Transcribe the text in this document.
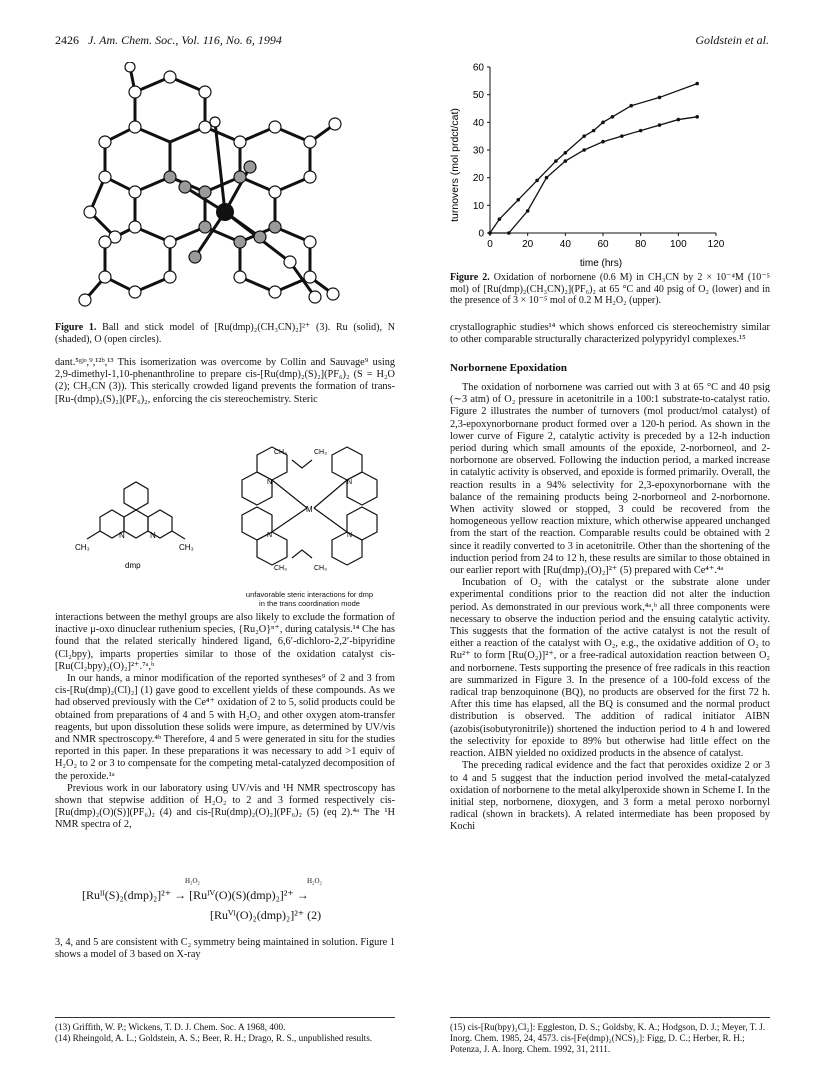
2426 J. Am. Chem. Soc., Vol. 116, No. 6, 1994	Goldstein et al.
Figure 1. Ball and stick model of [Ru(dmp)₂(CH₃CN)₂]²⁺ (3). Ru (solid), N (shaded), O (open circles).

dant.⁵ᵍʲᵒ,⁹,¹²ᵇ,¹³ This isomerization was overcome by Collin and Sauvage⁹ using 2,9-dimethyl-1,10-phenanthroline to prepare cis-[Ru(dmp)₂(S)₂](PF₆)₂ (S = H₂O (2); CH₃CN (3)). This sterically crowded ligand prevents the formation of trans-[Ru-(dmp)₂(S)₂](PF₆)₂, enforcing the cis stereochemistry. Steric

N	N
CH₃	CH₃
dmp
M
N
N
N
N
CH₃	CH₃
CH₃	CH₃
unfavorable steric interactions for dmp
in the trans coordination mode

interactions between the methyl groups are also likely to exclude the formation of inactive μ-oxo dinuclear ruthenium species, {Ru₂O}ⁿ⁺, during catalysis.¹⁴ Che has found that the related sterically hindered ligand, 6,6′-dichloro-2,2′-bipyridine (Cl₂bpy), imparts properties similar to those of the oxidation catalyst cis-[Ru(Cl₂bpy)₂(O)₂]²⁺.⁷ᵃ,ᵇ

In our hands, a minor modification of the reported syntheses⁹ of 2 and 3 from cis-[Ru(dmp)₂(Cl)₂] (1) gave good to excellent yields of these compounds. As we had observed previously with the Ce⁴⁺ oxidation of 2 to 5, solid products could be obtained from preparations of 4 and 5 with H₂O₂ and other oxygen atom-transfer reagents, but upon dissolution these solids were impure, as determined by UV/vis and NMR spectroscopy.⁴ᵇ Therefore, 4 and 5 were generated in situ for the studies reported in this paper. In these preparations it was necessary to add >1 equiv of H₂O₂ to 2 or 3 to compensate for the competing metal-catalyzed decomposition of the peroxide.¹ᵃ

Previous work in our laboratory using UV/vis and ¹H NMR spectroscopy has shown that stepwise addition of H₂O₂ to 2 and 3 formed respectively cis-[Ru(dmp)₂(O)(S)](PF₆)₂ (4) and cis-[Ru(dmp)₂(O)₂](PF₆)₂ (5) (eq 2).⁴ᵃ The ¹H NMR spectra of 2,

H₂O₂	H₂O₂
[Ruᴵᴵ(S)₂(dmp)₂]²⁺ → [Ruᴵⱽ(O)(S)(dmp)₂]²⁺ →
[Ruⱽᴵ(O)₂(dmp)₂]²⁺ (2)

3, 4, and 5 are consistent with C₂ symmetry being maintained in solution. Figure 1 shows a model of 3 based on X-ray

(13) Griffith, W. P.; Wickens, T. D. J. Chem. Soc. A 1968, 400.
(14) Rheingold, A. L.; Goldstein, A. S.; Beer, R. H.; Drago, R. S., unpublished results.
0
10
20
30
40
50
60
0	20	40	60	80 100 120
turnovers (mol prdct/cat)
time (hrs)
Figure 2. Oxidation of norbornene (0.6 M) in CH₃CN by 2 × 10⁻⁴M (10⁻⁵ mol) of [Ru(dmp)₂(CH₃CN)₂](PF₆)₂ at 65 °C and 40 psig of O₂ (lower) and in the presence of 3 × 10⁻⁵ mol of 0.2 M H₂O₂ (upper).

crystallographic studies¹⁴ which shows enforced cis stereochemistry similar to other comparable structurally characterized polypyridyl complexes.¹⁵

Norbornene Epoxidation

The oxidation of norbornene was carried out with 3 at 65 °C and 40 psig (∼3 atm) of O₂ pressure in acetonitrile in a 100:1 substrate-to-catalyst ratio. Figure 2 illustrates the number of turnovers (mol product/mol catalyst) of 2,3-epoxynorbornane product formed over a 120-h period. As shown in the lower curve of Figure 2, catalytic activity is preceded by a 12-h induction period during which small amounts of the epoxide, 2-norborneol, and 2-norbornone are observed. Following the induction period, a marked increase in catalytic activity is observed, and epoxide is formed primarily. Overall, the reaction results in a 94% selectivity for 2,3-epoxynorbornane with the balance of the remaining products being 2-norborneol and 2-norbornone. When activity slowed or stopped, 3 could be recovered from the homogeneous yellow reaction mixture, which otherwise appeared unchanged from the start of the reaction. Comparable results could be obtained with 2 since it readily converted to 3 in acetonitrile. Other than the shortening of the induction period from 24 to 12 h, these results are similar to those obtained in our earlier report with [Ru(dmp)₂(O)₂]²⁺ (5) prepared with Ce⁴⁺.⁴ᵃ

Incubation of O₂ with the catalyst or the substrate alone under experimental conditions prior to the reaction did not alter the induction period. As demonstrated in our previous work,⁴ᵃ,ᵇ all three components were necessary to observe the induction period and the ensuing catalytic activity. This suggests that the formation of the active catalyst is not the result of either a reaction of the catalyst with O₂, e.g., the oxidative addition of O₂ to Ru²⁺ to form [Ru(O₂)]²⁺, or a free-radical autoxidation reaction between O₂ and norbornene. Tests supporting the presence of free radicals in this reaction are summarized in Figure 3. In the presence of a 100-fold excess of the radical trap benzoquinone (BQ), no products are observed for the first 72 h. After this time has elapsed, all the BQ is consumed and the normal product distribution is observed. The addition of radical initiator AIBN (azobis(isobutyronitrile)) shortened the induction period to 4 h and lowered the selectivity for epoxide to 89% but otherwise had little effect on the reaction. AIBN yielded no oxidized products in the absence of catalyst.

The preceding radical evidence and the fact that peroxides oxidize 2 or 3 to 4 and 5 suggest that the induction period involved the metal-catalyzed oxidation of norbornene to the metal alkylperoxide shown in Scheme I. In the initial step, norbornene, dioxygen, and 3 form a metal peroxo norbornyl radical (shown in brackets). A related intermediate has been proposed by Kochi

(15) cis-[Ru(bpy)₂Cl₂]: Eggleston, D. S.; Goldsby, K. A.; Hodgson, D. J.; Meyer, T. J. Inorg. Chem. 1985, 24, 4573. cis-[Fe(dmp)₂(NCS)₂]: Figg, D. C.; Herber, R. H.; Potenza, J. A. Inorg. Chem. 1992, 31, 2111.
